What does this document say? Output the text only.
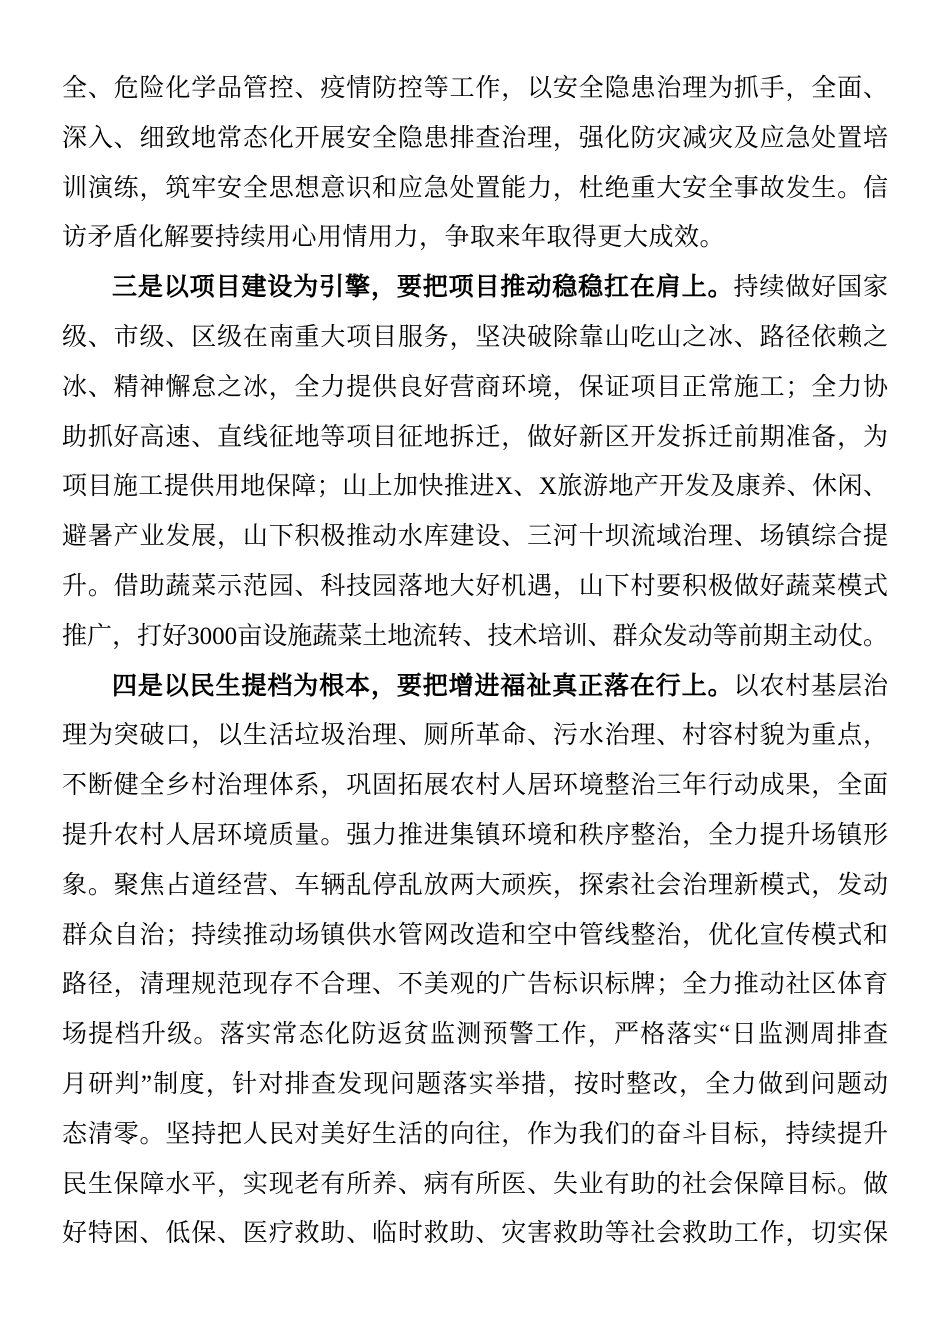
全、危险化学品管控、疫情防控等工作，以安全隐患治理为抓手，全面、
深入、细致地常态化开展安全隐患排查治理，强化防灾减灾及应急处置培
训演练，筑牢安全思想意识和应急处置能力，杜绝重大安全事故发生。信
访矛盾化解要持续用心用情用力，争取来年取得更大成效。
三是以项目建设为引擎，要把项目推动稳稳扛在肩上。持续做好国家
级、市级、区级在南重大项目服务，坚决破除靠山吃山之冰、路径依赖之
冰、精神懈怠之冰，全力提供良好营商环境，保证项目正常施工；全力协
助抓好高速、直线征地等项目征地拆迁，做好新区开发拆迁前期准备，为
项目施工提供用地保障；山上加快推进X、X旅游地产开发及康养、休闲、
避暑产业发展，山下积极推动水库建设、三河十坝流域治理、场镇综合提
升。借助蔬菜示范园、科技园落地大好机遇，山下村要积极做好蔬菜模式
推广，打好3000亩设施蔬菜土地流转、技术培训、群众发动等前期主动仗。
四是以民生提档为根本，要把增进福祉真正落在行上。以农村基层治
理为突破口，以生活垃圾治理、厕所革命、污水治理、村容村貌为重点，
不断健全乡村治理体系，巩固拓展农村人居环境整治三年行动成果，全面
提升农村人居环境质量。强力推进集镇环境和秩序整治，全力提升场镇形
象。聚焦占道经营、车辆乱停乱放两大顽疾，探索社会治理新模式，发动
群众自治；持续推动场镇供水管网改造和空中管线整治，优化宣传模式和
路径，清理规范现存不合理、不美观的广告标识标牌；全力推动社区体育
场提档升级。落实常态化防返贫监测预警工作，严格落实“日监测周排查
月研判”制度，针对排查发现问题落实举措，按时整改，全力做到问题动
态清零。坚持把人民对美好生活的向往，作为我们的奋斗目标，持续提升
民生保障水平，实现老有所养、病有所医、失业有助的社会保障目标。做
好特困、低保、医疗救助、临时救助、灾害救助等社会救助工作，切实保
